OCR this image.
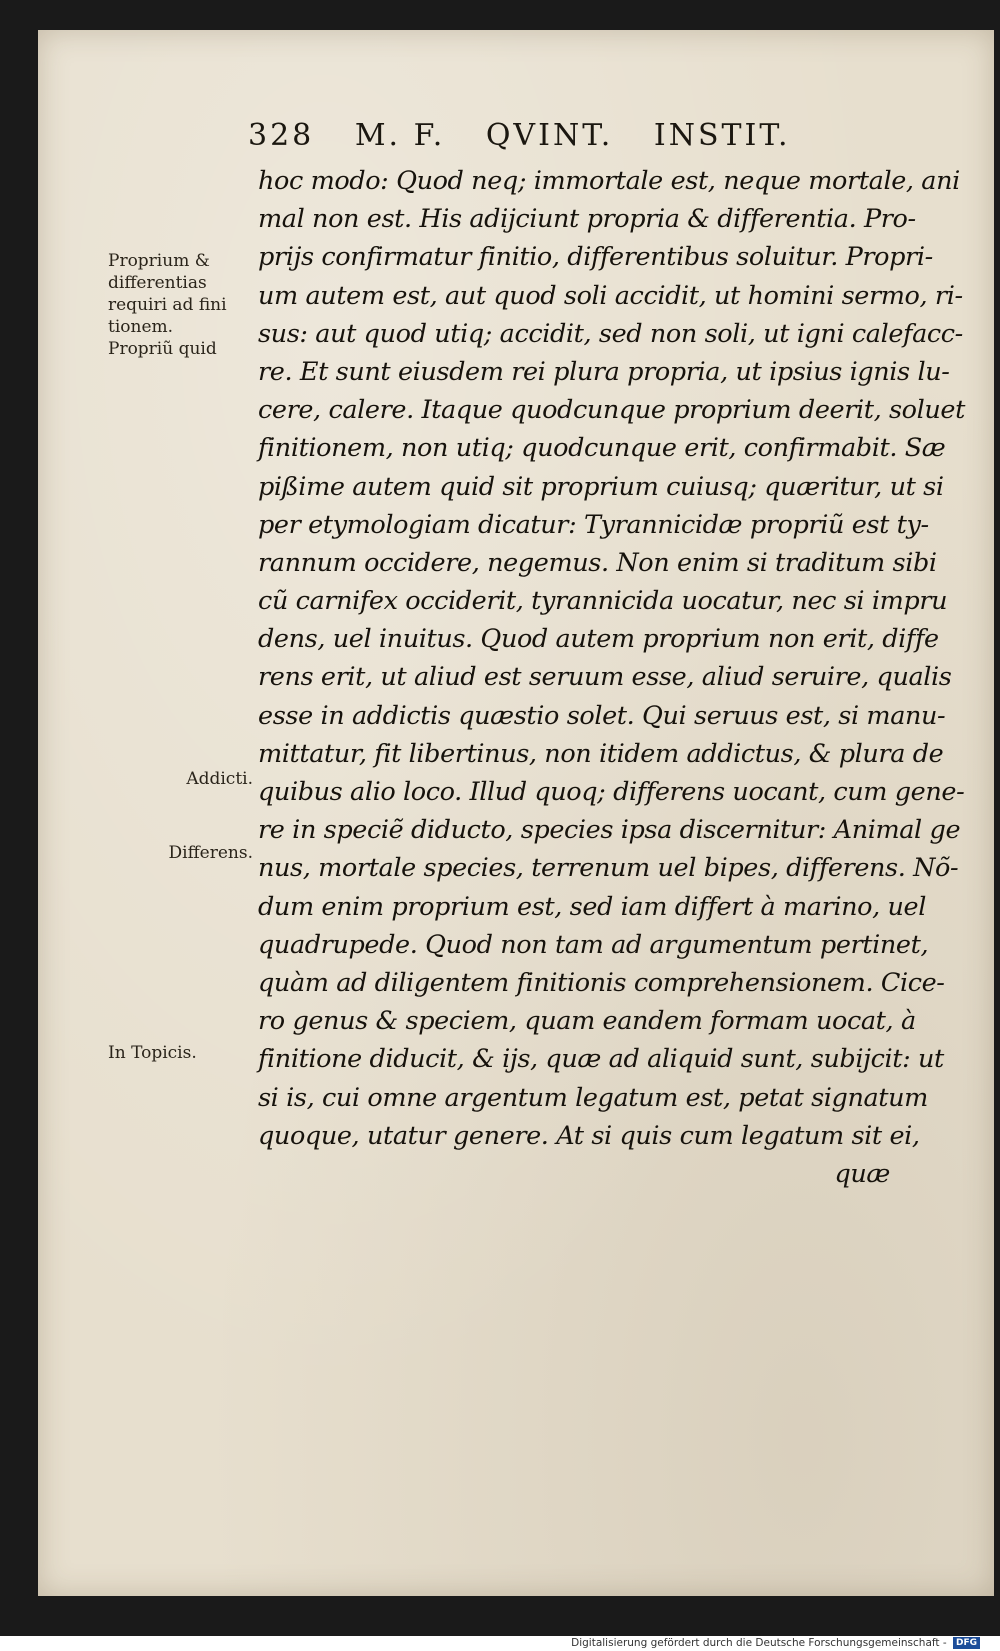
328 M. F. QVINT. INSTIT.
Proprium &
differentias
requiri ad fini
tionem.
Propriũ quid
Addicti.
Differens.
In Topicis.
hoc modo: Quod neq; immortale est, neque mortale, ani
mal non est. His adijciunt propria & differentia. Pro-
prijs confirmatur finitio, differentibus soluitur. Propri-
um autem est, aut quod soli accidit, ut homini sermo, ri-
sus: aut quod utiq; accidit, sed non soli, ut igni calefacc-
re. Et sunt eiusdem rei plura propria, ut ipsius ignis lu-
cere, calere. Itaque quodcunque proprium deerit, soluet
finitionem, non utiq; quodcunque erit, confirmabit. Sæ
pißime autem quid sit proprium cuiusq; quæritur, ut si
per etymologiam dicatur: Tyrannicidæ propriũ est ty-
rannum occidere, negemus. Non enim si traditum sibi
cũ carnifex occiderit, tyrannicida uocatur, nec si impru
dens, uel inuitus. Quod autem proprium non erit, diffe
rens erit, ut aliud est seruum esse, aliud seruire, qualis
esse in addictis quæstio solet. Qui seruus est, si manu-
mittatur, fit libertinus, non itidem addictus, & plura de
quibus alio loco. Illud quoq; differens uocant, cum gene-
re in speciẽ diducto, species ipsa discernitur: Animal ge
nus, mortale species, terrenum uel bipes, differens. Nõ-
dum enim proprium est, sed iam differt à marino, uel
quadrupede. Quod non tam ad argumentum pertinet,
quàm ad diligentem finitionis comprehensionem. Cice-
ro genus & speciem, quam eandem formam uocat, à
finitione diducit, & ijs, quæ ad aliquid sunt, subijcit: ut
si is, cui omne argentum legatum est, petat signatum
quoque, utatur genere. At si quis cum legatum sit ei,
quæ
Digitalisierung gefördert durch die Deutsche Forschungsgemeinschaft - DFG
